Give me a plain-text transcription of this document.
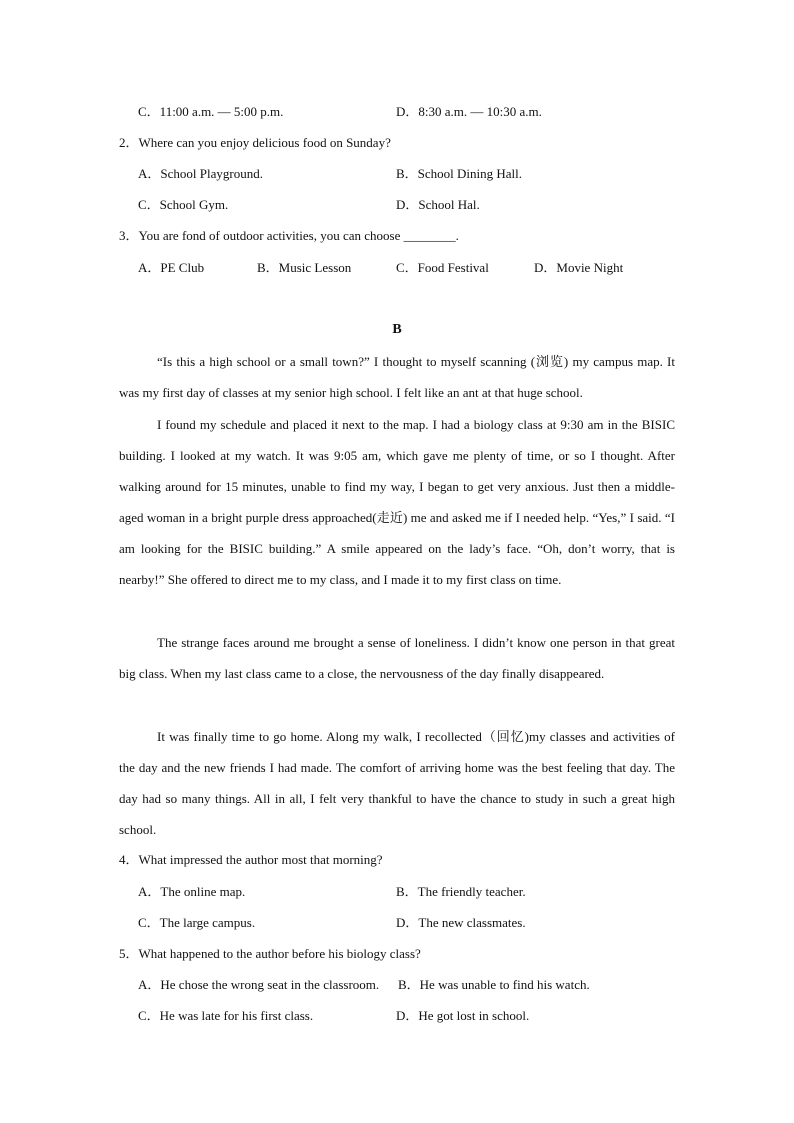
C．11:00 a.m. — 5:00 p.m.	D．8:30 a.m. — 10:30 a.m.
2．Where can you enjoy delicious food on Sunday?
A．School Playground.	B．School Dining Hall.
C．School Gym.	D．School Hal.
3．You are fond of outdoor activities, you can choose ________.
A．PE Club	B．Music Lesson	C．Food Festival	D．Movie Night
B

“Is this a high school or a small town?” I thought to myself scanning (浏览) my campus map. It was my first day of classes at my senior high school. I felt like an ant at that huge school.

I found my schedule and placed it next to the map. I had a biology class at 9:30 am in the BISIC building. I looked at my watch. It was 9:05 am, which gave me plenty of time, or so I thought. After walking around for 15 minutes, unable to find my way, I began to get very anxious. Just then a middle-aged woman in a bright purple dress approached(走近) me and asked me if I needed help. “Yes,” I said. “I am looking for the BISIC building.” A smile appeared on the lady’s face. “Oh, don’t worry, that is nearby!” She offered to direct me to my class, and I made it to my first class on time.

The strange faces around me brought a sense of loneliness. I didn’t know one person in that great big class. When my last class came to a close, the nervousness of the day finally disappeared.

It was finally time to go home. Along my walk, I recollected（回忆)my classes and activities of the day and the new friends I had made. The comfort of arriving home was the best feeling that day. The day had so many things. All in all, I felt very thankful to have the chance to study in such a great high school.

4．What impressed the author most that morning?
A．The online map.	B．The friendly teacher.
C．The large campus.	D．The new classmates.
5．What happened to the author before his biology class?
A．He chose the wrong seat in the classroom. B．He was unable to find his watch.
C．He was late for his first class.	D．He got lost in school.
